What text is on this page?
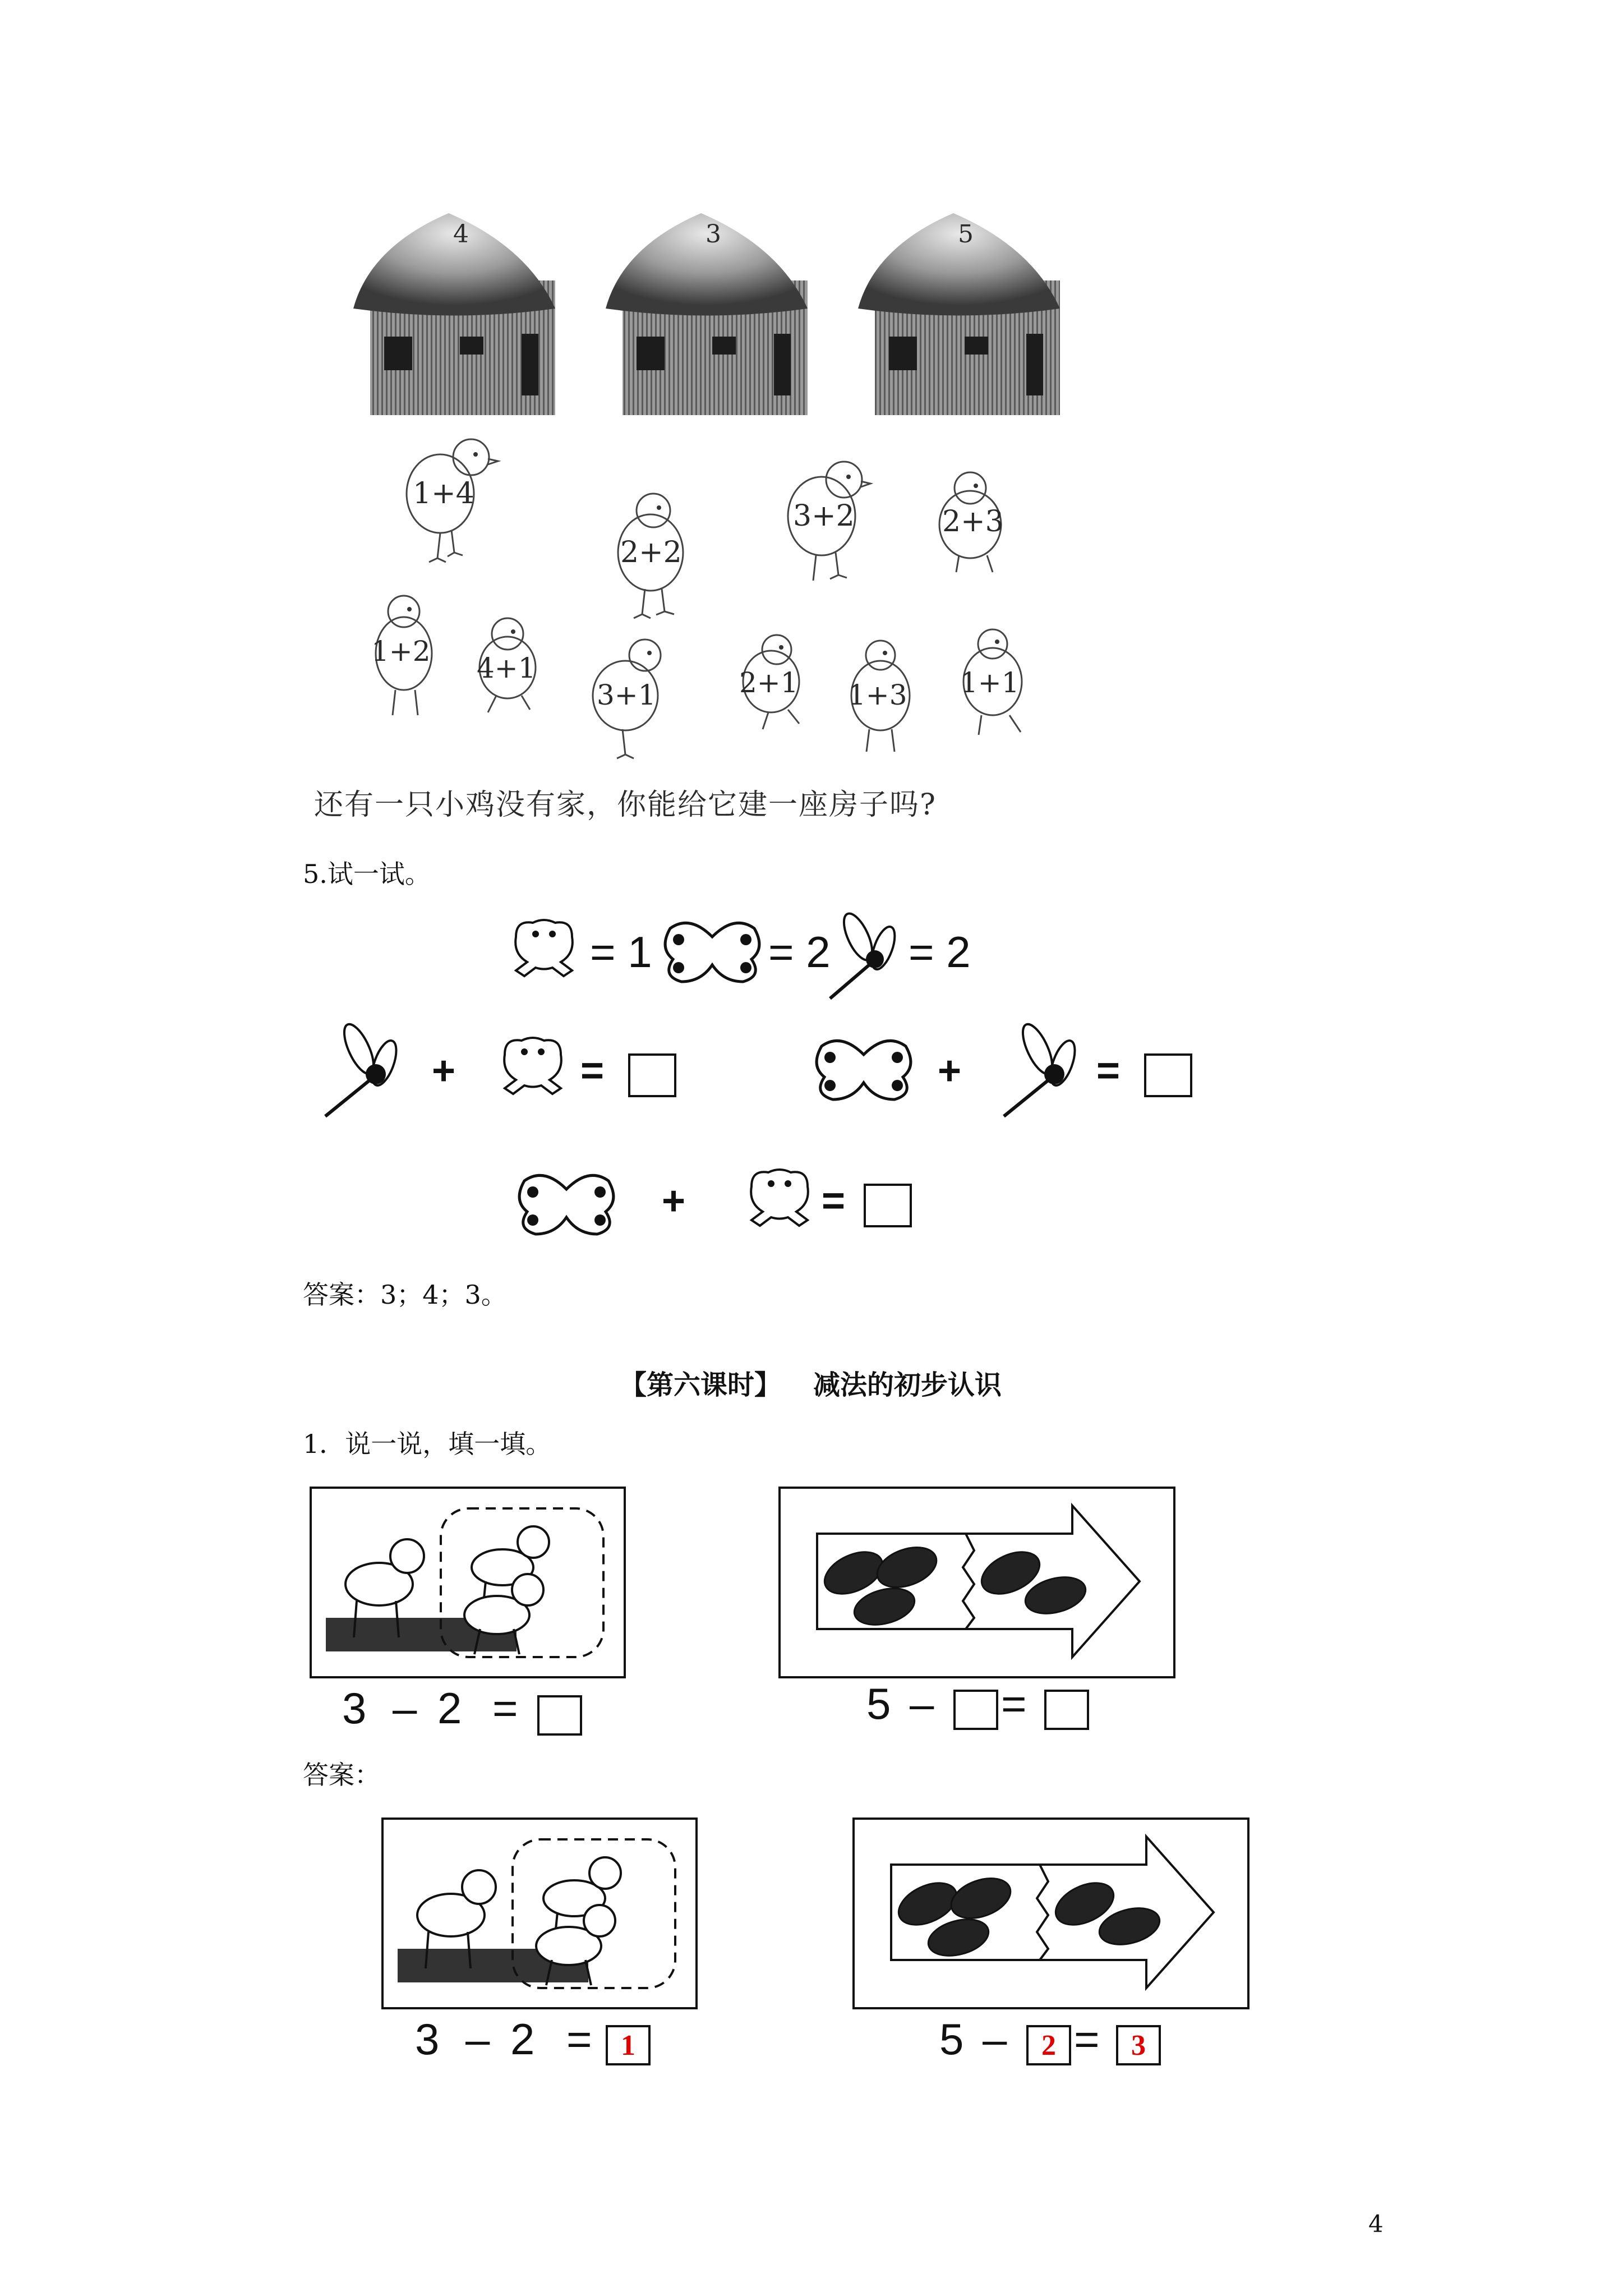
4	3	5
1+4
2+2
3+2	2+3
1+2
4+1
3+1	2+1 1+3 1+1
还有一只小鸡没有家，你能给它建一座房子吗?
5.试一试。
= 1	= 2 = 2
+	=	+	=
+	=
答案：3；4；3。
【第六课时】 减法的初步认识
1．说一说，填一填。
3 – 2 =	5 – =
答案：
3 – 2 = 1	5 –	2 =	3
4
